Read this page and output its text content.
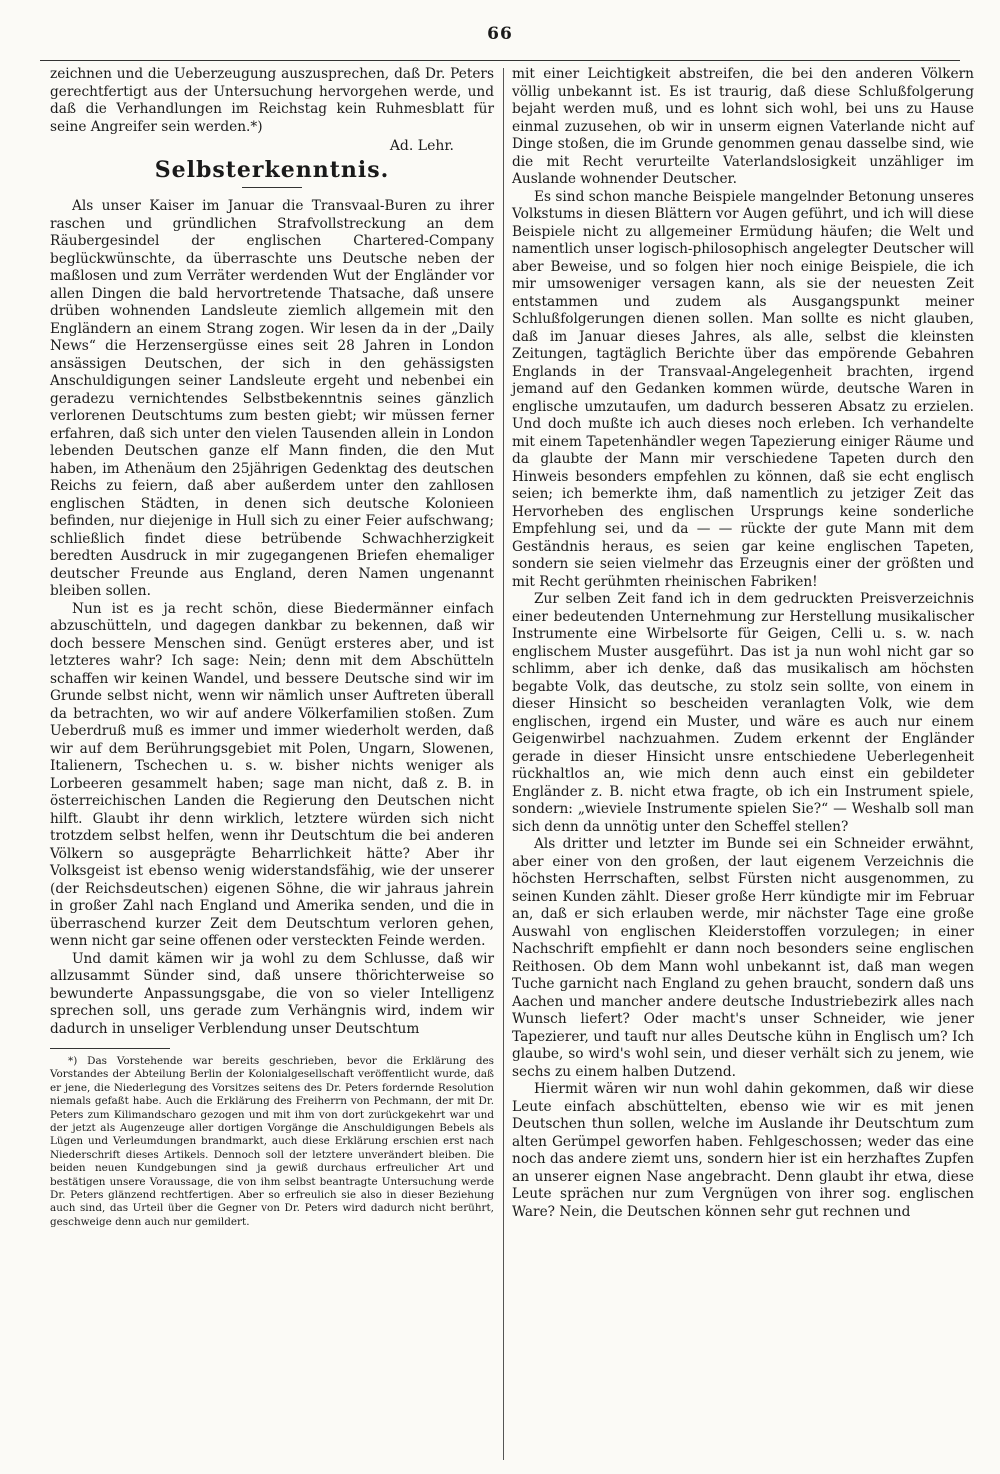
66

zeichnen und die Ueberzeugung auszusprechen, daß Dr. Peters gerechtfertigt aus der Untersuchung hervorgehen werde, und daß die Verhandlungen im Reichstag kein Ruhmesblatt für seine Angreifer sein werden.*)

Ad. Lehr.
Selbsterkenntnis.

Als unser Kaiser im Januar die Transvaal-Buren zu ihrer raschen und gründlichen Strafvollstreckung an dem Räubergesindel der englischen Chartered-Company beglückwünschte, da überraschte uns Deutsche neben der maßlosen und zum Verräter werdenden Wut der Engländer vor allen Dingen die bald hervortretende Thatsache, daß unsere drüben wohnenden Landsleute ziemlich allgemein mit den Engländern an einem Strang zogen. Wir lesen da in der „Daily News“ die Herzensergüsse eines seit 28 Jahren in London ansässigen Deutschen, der sich in den gehässigsten Anschuldigungen seiner Landsleute ergeht und nebenbei ein geradezu vernichtendes Selbstbekenntnis seines gänzlich verlorenen Deutschtums zum besten giebt; wir müssen ferner erfahren, daß sich unter den vielen Tausenden allein in London lebenden Deutschen ganze elf Mann finden, die den Mut haben, im Athenäum den 25jährigen Gedenktag des deutschen Reichs zu feiern, daß aber außerdem unter den zahllosen englischen Städten, in denen sich deutsche Kolonieen befinden, nur diejenige in Hull sich zu einer Feier aufschwang; schließlich findet diese betrübende Schwachherzigkeit beredten Ausdruck in mir zugegangenen Briefen ehemaliger deutscher Freunde aus England, deren Namen ungenannt bleiben sollen.

Nun ist es ja recht schön, diese Biedermänner einfach abzuschütteln, und dagegen dankbar zu bekennen, daß wir doch bessere Menschen sind. Genügt ersteres aber, und ist letzteres wahr? Ich sage: Nein; denn mit dem Abschütteln schaffen wir keinen Wandel, und bessere Deutsche sind wir im Grunde selbst nicht, wenn wir nämlich unser Auftreten überall da betrachten, wo wir auf andere Völkerfamilien stoßen. Zum Ueberdruß muß es immer und immer wiederholt werden, daß wir auf dem Berührungsgebiet mit Polen, Ungarn, Slowenen, Italienern, Tschechen u. s. w. bisher nichts weniger als Lorbeeren gesammelt haben; sage man nicht, daß z. B. in österreichischen Landen die Regierung den Deutschen nicht hilft. Glaubt ihr denn wirklich, letztere würden sich nicht trotzdem selbst helfen, wenn ihr Deutschtum die bei anderen Völkern so ausgeprägte Beharrlichkeit hätte? Aber ihr Volksgeist ist ebenso wenig widerstandsfähig, wie der unserer (der Reichsdeutschen) eigenen Söhne, die wir jahraus jahrein in großer Zahl nach England und Amerika senden, und die in überraschend kurzer Zeit dem Deutschtum verloren gehen, wenn nicht gar seine offenen oder versteckten Feinde werden.

Und damit kämen wir ja wohl zu dem Schlusse, daß wir allzusammt Sünder sind, daß unsere thörichterweise so bewunderte Anpassungsgabe, die von so vieler Intelligenz sprechen soll, uns gerade zum Verhängnis wird, indem wir dadurch in unseliger Verblendung unser Deutschtum

*) Das Vorstehende war bereits geschrieben, bevor die Erklärung des Vorstandes der Abteilung Berlin der Kolonialgesellschaft veröffentlicht wurde, daß er jene, die Niederlegung des Vorsitzes seitens des Dr. Peters fordernde Resolution niemals gefaßt habe. Auch die Erklärung des Freiherrn von Pechmann, der mit Dr. Peters zum Kilimandscharo gezogen und mit ihm von dort zurückgekehrt war und der jetzt als Augenzeuge aller dortigen Vorgänge die Anschuldigungen Bebels als Lügen und Verleumdungen brandmarkt, auch diese Erklärung erschien erst nach Niederschrift dieses Artikels. Dennoch soll der letztere unverändert bleiben. Die beiden neuen Kundgebungen sind ja gewiß durchaus erfreulicher Art und bestätigen unsere Voraussage, die von ihm selbst beantragte Untersuchung werde Dr. Peters glänzend rechtfertigen. Aber so erfreulich sie also in dieser Beziehung auch sind, das Urteil über die Gegner von Dr. Peters wird dadurch nicht berührt, geschweige denn auch nur gemildert.

mit einer Leichtigkeit abstreifen, die bei den anderen Völkern völlig unbekannt ist. Es ist traurig, daß diese Schlußfolgerung bejaht werden muß, und es lohnt sich wohl, bei uns zu Hause einmal zuzusehen, ob wir in unserm eignen Vaterlande nicht auf Dinge stoßen, die im Grunde genommen genau dasselbe sind, wie die mit Recht verurteilte Vaterlandslosigkeit unzähliger im Auslande wohnender Deutscher.

Es sind schon manche Beispiele mangelnder Betonung unseres Volkstums in diesen Blättern vor Augen geführt, und ich will diese Beispiele nicht zu allgemeiner Ermüdung häufen; die Welt und namentlich unser logisch-philosophisch angelegter Deutscher will aber Beweise, und so folgen hier noch einige Beispiele, die ich mir umsoweniger versagen kann, als sie der neuesten Zeit entstammen und zudem als Ausgangspunkt meiner Schlußfolgerungen dienen sollen. Man sollte es nicht glauben, daß im Januar dieses Jahres, als alle, selbst die kleinsten Zeitungen, tagtäglich Berichte über das empörende Gebahren Englands in der Transvaal-Angelegenheit brachten, irgend jemand auf den Gedanken kommen würde, deutsche Waren in englische umzutaufen, um dadurch besseren Absatz zu erzielen. Und doch mußte ich auch dieses noch erleben. Ich verhandelte mit einem Tapetenhändler wegen Tapezierung einiger Räume und da glaubte der Mann mir verschiedene Tapeten durch den Hinweis besonders empfehlen zu können, daß sie echt englisch seien; ich bemerkte ihm, daß namentlich zu jetziger Zeit das Hervorheben des englischen Ursprungs keine sonderliche Empfehlung sei, und da — — rückte der gute Mann mit dem Geständnis heraus, es seien gar keine englischen Tapeten, sondern sie seien vielmehr das Erzeugnis einer der größten und mit Recht gerühmten rheinischen Fabriken!

Zur selben Zeit fand ich in dem gedruckten Preisverzeichnis einer bedeutenden Unternehmung zur Herstellung musikalischer Instrumente eine Wirbelsorte für Geigen, Celli u. s. w. nach englischem Muster ausgeführt. Das ist ja nun wohl nicht gar so schlimm, aber ich denke, daß das musikalisch am höchsten begabte Volk, das deutsche, zu stolz sein sollte, von einem in dieser Hinsicht so bescheiden veranlagten Volk, wie dem englischen, irgend ein Muster, und wäre es auch nur einem Geigenwirbel nachzuahmen. Zudem erkennt der Engländer gerade in dieser Hinsicht unsre entschiedene Ueberlegenheit rückhaltlos an, wie mich denn auch einst ein gebildeter Engländer z. B. nicht etwa fragte, ob ich ein Instrument spiele, sondern: „wieviele Instrumente spielen Sie?“ — Weshalb soll man sich denn da unnötig unter den Scheffel stellen?

Als dritter und letzter im Bunde sei ein Schneider erwähnt, aber einer von den großen, der laut eigenem Verzeichnis die höchsten Herrschaften, selbst Fürsten nicht ausgenommen, zu seinen Kunden zählt. Dieser große Herr kündigte mir im Februar an, daß er sich erlauben werde, mir nächster Tage eine große Auswahl von englischen Kleiderstoffen vorzulegen; in einer Nachschrift empfiehlt er dann noch besonders seine englischen Reithosen. Ob dem Mann wohl unbekannt ist, daß man wegen Tuche garnicht nach England zu gehen braucht, sondern daß uns Aachen und mancher andere deutsche Industriebezirk alles nach Wunsch liefert? Oder macht's unser Schneider, wie jener Tapezierer, und tauft nur alles Deutsche kühn in Englisch um? Ich glaube, so wird's wohl sein, und dieser verhält sich zu jenem, wie sechs zu einem halben Dutzend.

Hiermit wären wir nun wohl dahin gekommen, daß wir diese Leute einfach abschüttelten, ebenso wie wir es mit jenen Deutschen thun sollen, welche im Auslande ihr Deutschtum zum alten Gerümpel geworfen haben. Fehlgeschossen; weder das eine noch das andere ziemt uns, sondern hier ist ein herzhaftes Zupfen an unserer eignen Nase angebracht. Denn glaubt ihr etwa, diese Leute sprächen nur zum Vergnügen von ihrer sog. englischen Ware? Nein, die Deutschen können sehr gut rechnen und
